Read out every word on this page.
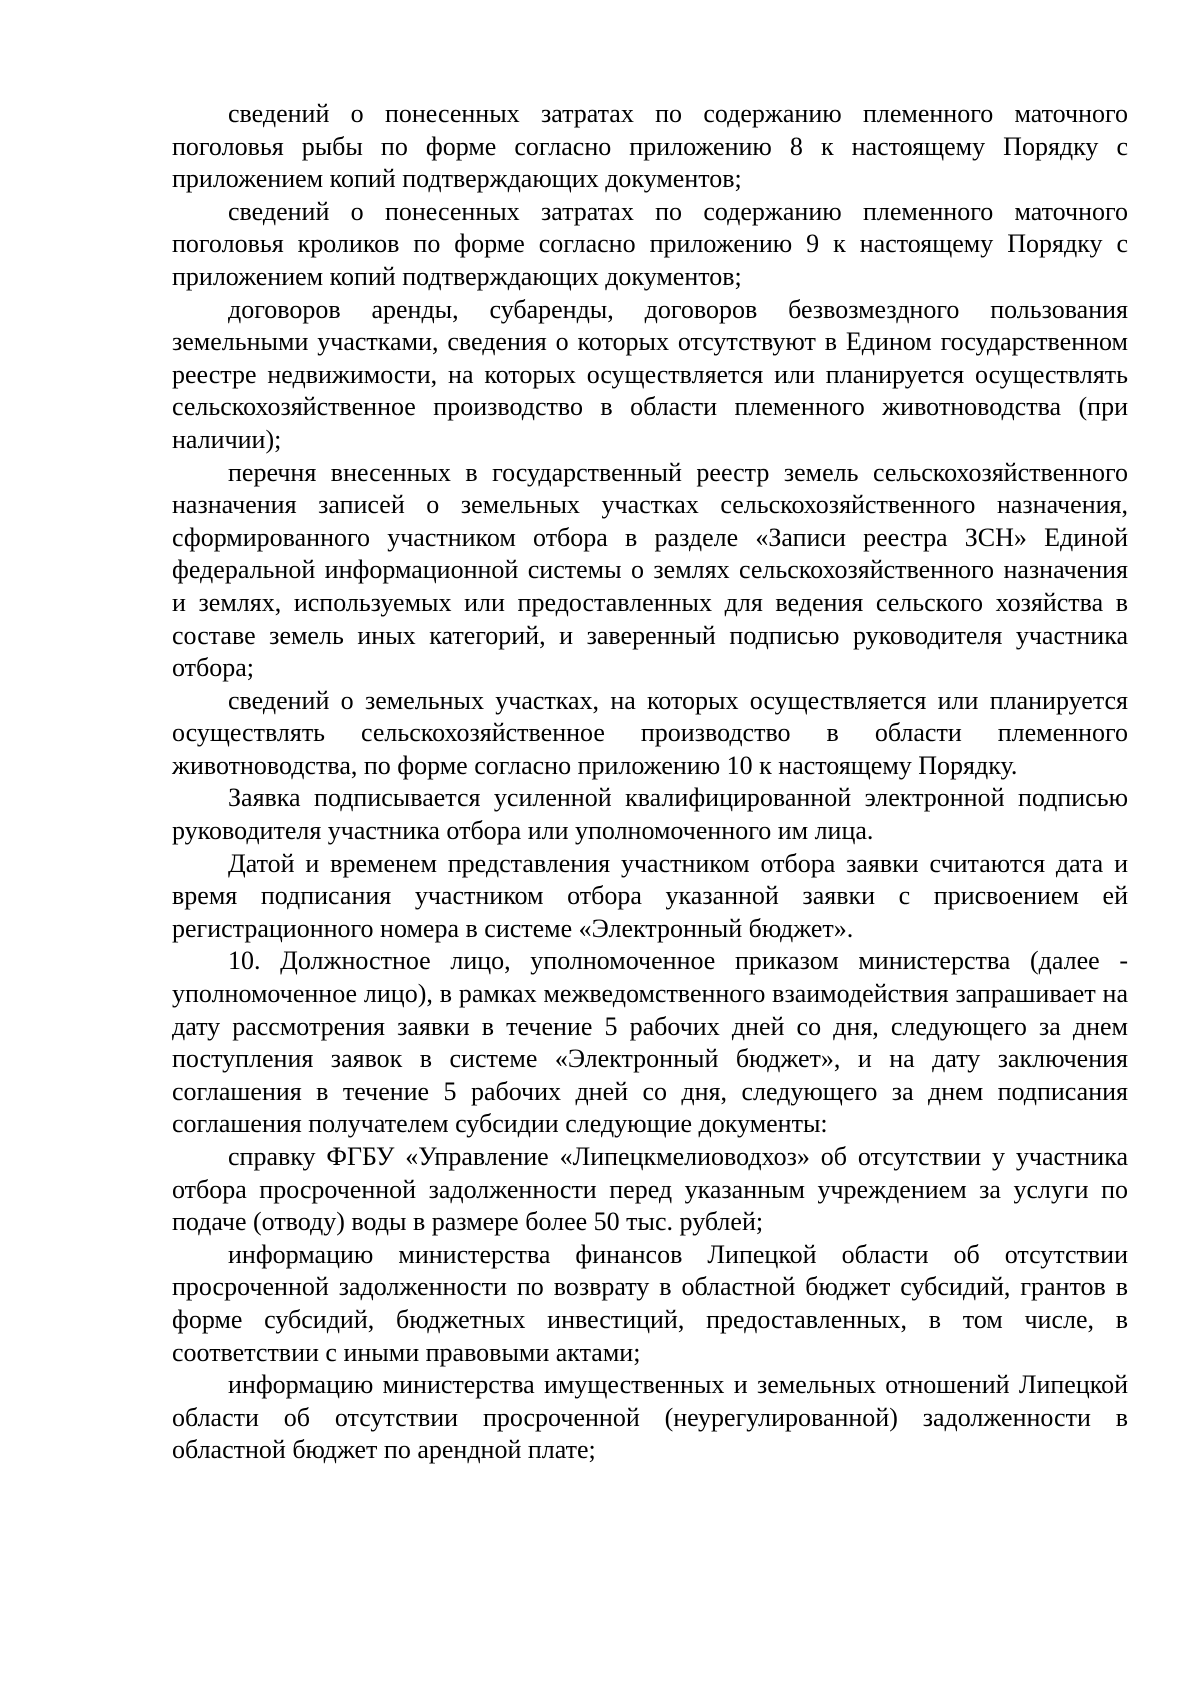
сведений о понесенных затратах по содержанию племенного маточного поголовья рыбы по форме согласно приложению 8 к настоящему Порядку с приложением копий подтверждающих документов;

сведений о понесенных затратах по содержанию племенного маточного поголовья кроликов по форме согласно приложению 9 к настоящему Порядку с приложением копий подтверждающих документов;

договоров аренды, субаренды, договоров безвозмездного пользования земельными участками, сведения о которых отсутствуют в Едином государственном реестре недвижимости, на которых осуществляется или планируется осуществлять сельскохозяйственное производство в области племенного животноводства (при наличии);

перечня внесенных в государственный реестр земель сельскохозяйственного назначения записей о земельных участках сельскохозяйственного назначения, сформированного участником отбора в разделе «Записи реестра ЗСН» Единой федеральной информационной системы о землях сельскохозяйственного назначения и землях, используемых или предоставленных для ведения сельского хозяйства в составе земель иных категорий, и заверенный подписью руководителя участника отбора;

сведений о земельных участках, на которых осуществляется или планируется осуществлять сельскохозяйственное производство в области племенного животноводства, по форме согласно приложению 10 к настоящему Порядку.

Заявка подписывается усиленной квалифицированной электронной подписью руководителя участника отбора или уполномоченного им лица.

Датой и временем представления участником отбора заявки считаются дата и время подписания участником отбора указанной заявки с присвоением ей регистрационного номера в системе «Электронный бюджет».

10. Должностное лицо, уполномоченное приказом министерства (далее - уполномоченное лицо), в рамках межведомственного взаимодействия запрашивает на дату рассмотрения заявки в течение 5 рабочих дней со дня, следующего за днем поступления заявок в системе «Электронный бюджет», и на дату заключения соглашения в течение 5 рабочих дней со дня, следующего за днем подписания соглашения получателем субсидии следующие документы:

справку ФГБУ «Управление «Липецкмелиоводхоз» об отсутствии у участника отбора просроченной задолженности перед указанным учреждением за услуги по подаче (отводу) воды в размере более 50 тыс. рублей;

информацию министерства финансов Липецкой области об отсутствии просроченной задолженности по возврату в областной бюджет субсидий, грантов в форме субсидий, бюджетных инвестиций, предоставленных, в том числе, в соответствии с иными правовыми актами;

информацию министерства имущественных и земельных отношений Липецкой области об отсутствии просроченной (неурегулированной) задолженности в областной бюджет по арендной плате;
